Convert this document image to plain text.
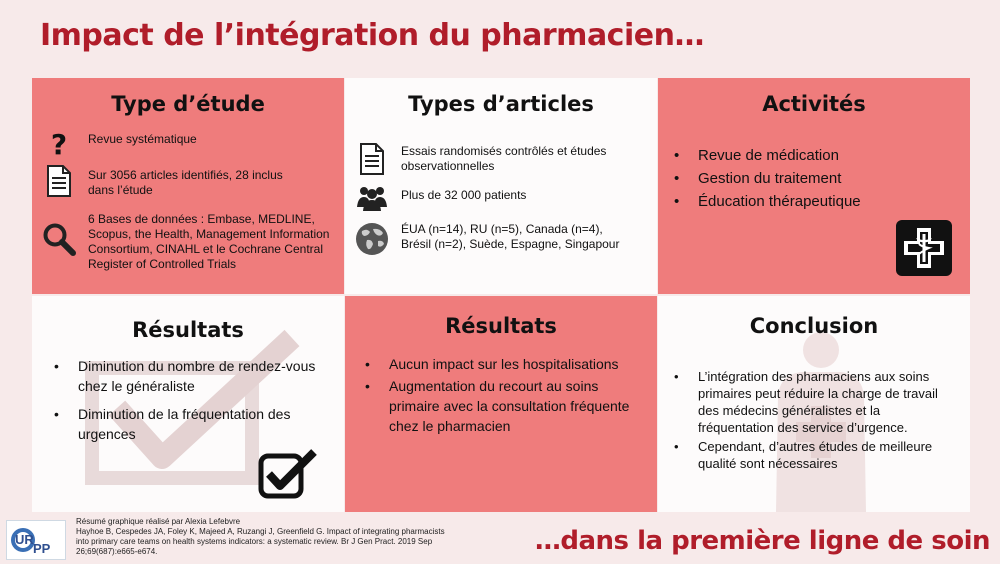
Impact de l’intégration du pharmacien…
Type d’étude
? Revue systématique
Sur 3056 articles identifiés, 28 inclus dans l’étude
6 Bases de données : Embase, MEDLINE, Scopus, the Health, Management Information Consortium, CINAHL et le Cochrane Central Register of Controlled Trials
Types d’articles
Essais randomisés contrôlés et études observationnelles
Plus de 32 000 patients
ÉUA (n=14), RU (n=5), Canada (n=4), Brésil (n=2), Suède, Espagne, Singapour
Activités
• Revue de médication
• Gestion du traitement
• Éducation thérapeutique
Résultats
• Diminution du nombre de rendez-vous chez le généraliste
• Diminution de la fréquentation des urgences
Résultats
• Aucun impact sur les hospitalisations
• Augmentation du recourt au soins primaire avec la consultation fréquente chez le pharmacien
Conclusion
• L’intégration des pharmaciens aux soins primaires peut réduire la charge de travail des médecins généralistes et la fréquentation des service d’urgence.
• Cependant, d’autres études de meilleure qualité sont nécessaires
UR
PP
Résumé graphique réalisé par Alexia Lefebvre
Hayhoe B, Cespedes JA, Foley K, Majeed A, Ruzangi J, Greenfield G. Impact of integrating pharmacists into primary care teams on health systems indicators: a systematic review. Br J Gen Pract. 2019 Sep 26;69(687):e665-e674.	…dans la première ligne de soin
